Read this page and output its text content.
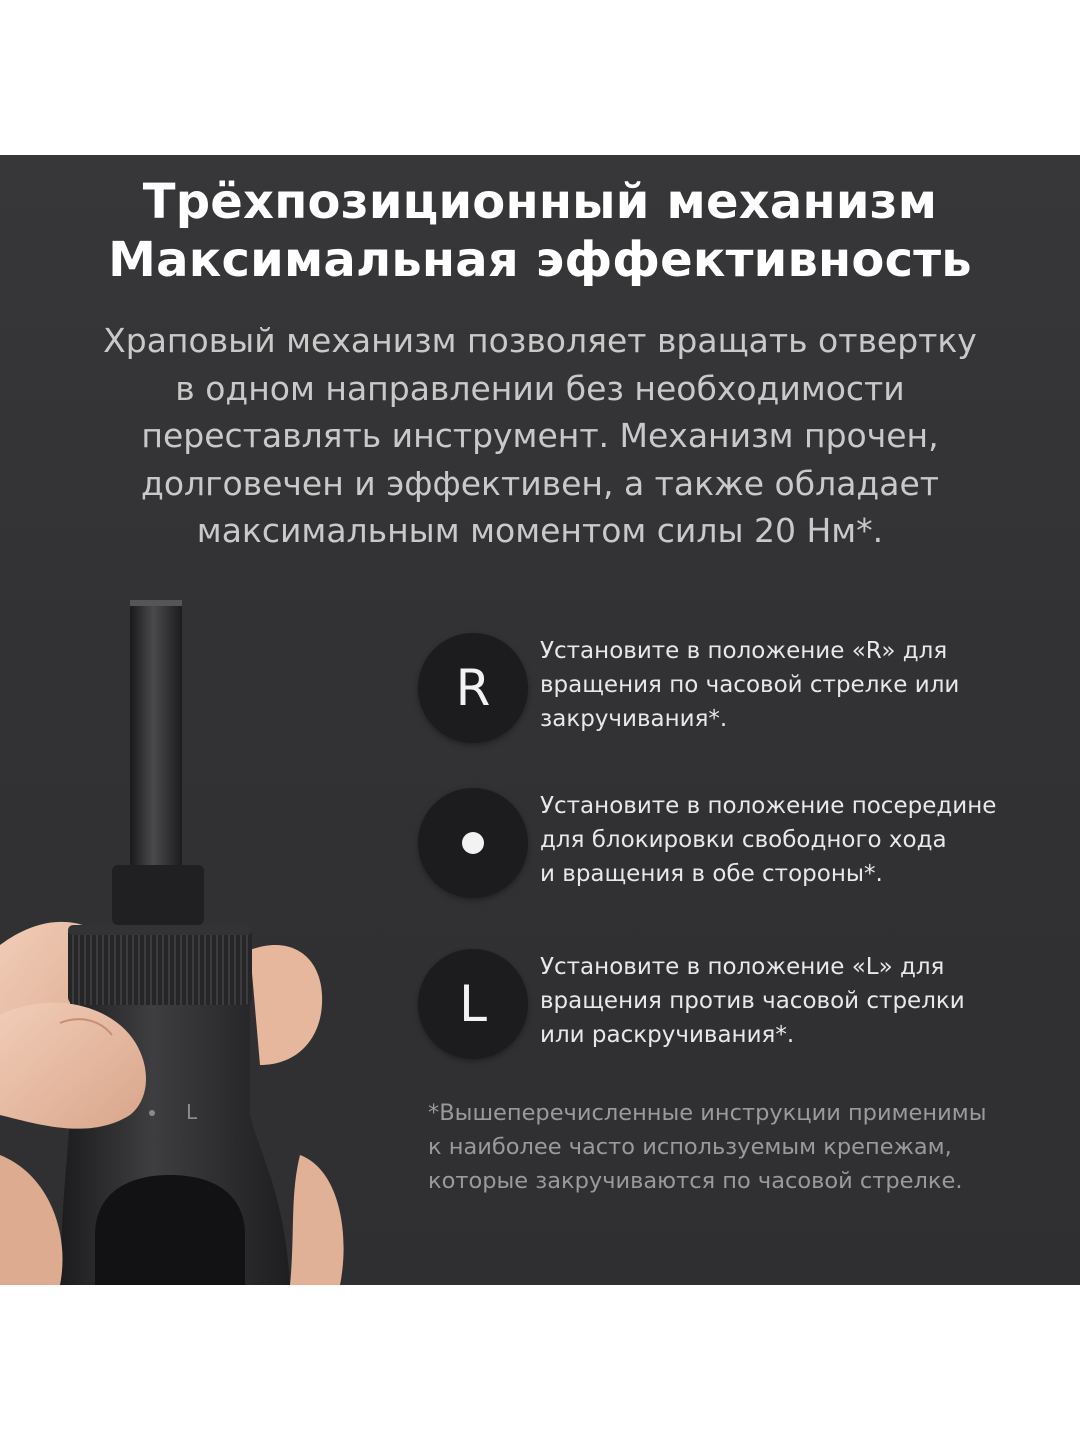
Трёхпозиционный механизм
Максимальная эффективность

Храповый механизм позволяет вращать отвертку
в одном направлении без необходимости
переставлять инструмент. Механизм прочен,
долговечен и эффективен, а также обладает
максимальным моментом силы 20 Нм*.

L
R

Установите в положение «R» для
вращения по часовой стрелке или
закручивания*.

Установите в положение посередине
для блокировки свободного хода
и вращения в обе стороны*.

L

Установите в положение «L» для
вращения против часовой стрелки
или раскручивания*.

*Вышеперечисленные инструкции применимы
к наиболее часто используемым крепежам,
которые закручиваются по часовой стрелке.
